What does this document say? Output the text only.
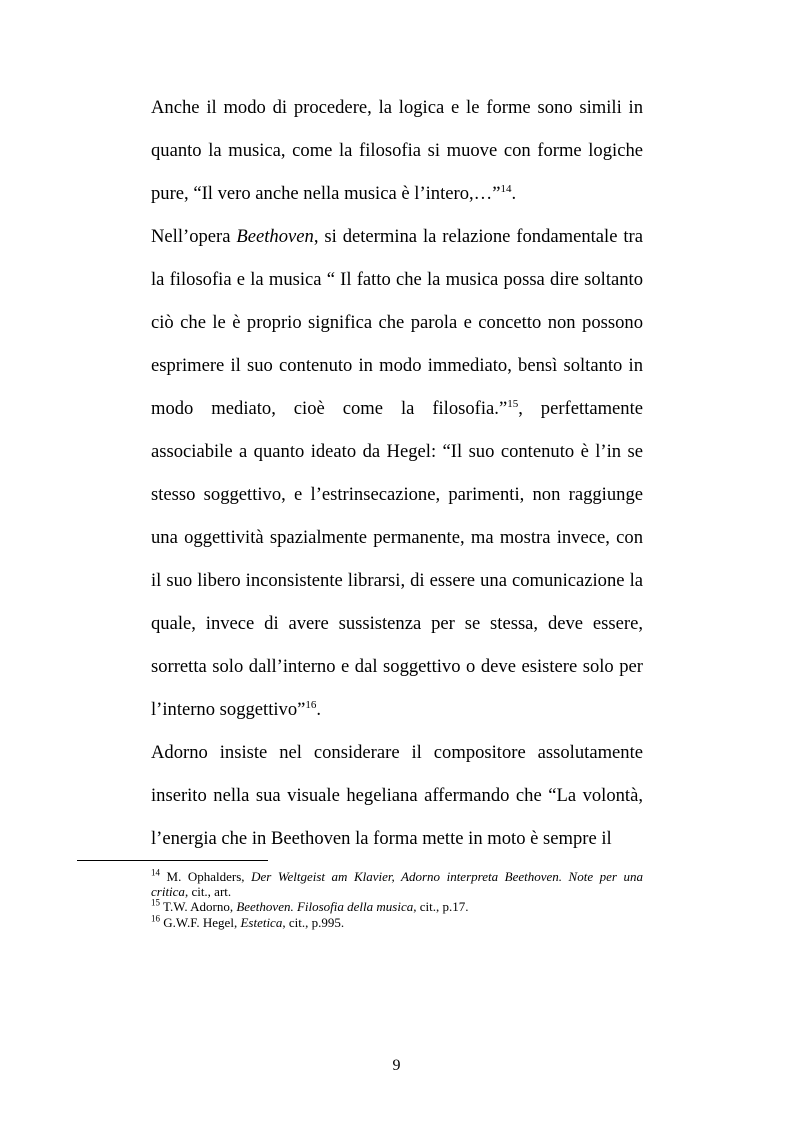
Anche il modo di procedere, la logica e le forme sono simili in quanto la musica, come la filosofia si muove con forme logiche pure, “Il vero anche nella musica è l’intero,…”$^{14}$.

Nell’opera Beethoven, si determina la relazione fondamentale tra la filosofia e la musica “ Il fatto che la musica possa dire soltanto ciò che le è proprio significa che parola e concetto non possono esprimere il suo contenuto in modo immediato, bensì soltanto in modo mediato, cioè come la filosofia.”$^{15}$, perfettamente associabile a quanto ideato da Hegel: “Il suo contenuto è l’in se stesso soggettivo, e l’estrinsecazione, parimenti, non raggiunge una oggettività spazialmente permanente, ma mostra invece, con il suo libero inconsistente librarsi, di essere una comunicazione la quale, invece di avere sussistenza per se stessa, deve essere, sorretta solo dall’interno e dal soggettivo o deve esistere solo per l’interno soggettivo”$^{16}$.

Adorno insiste nel considerare il compositore assolutamente inserito nella sua visuale hegeliana affermando che “La volontà, l’energia che in Beethoven la forma mette in moto è sempre il

$^{14}$ M. Ophalders, Der Weltgeist am Klavier, Adorno interpreta Beethoven. Note per una critica, cit., art.

$^{15}$ T.W. Adorno, Beethoven. Filosofia della musica, cit., p.17.

$^{16}$ G.W.F. Hegel, Estetica, cit., p.995.

9
